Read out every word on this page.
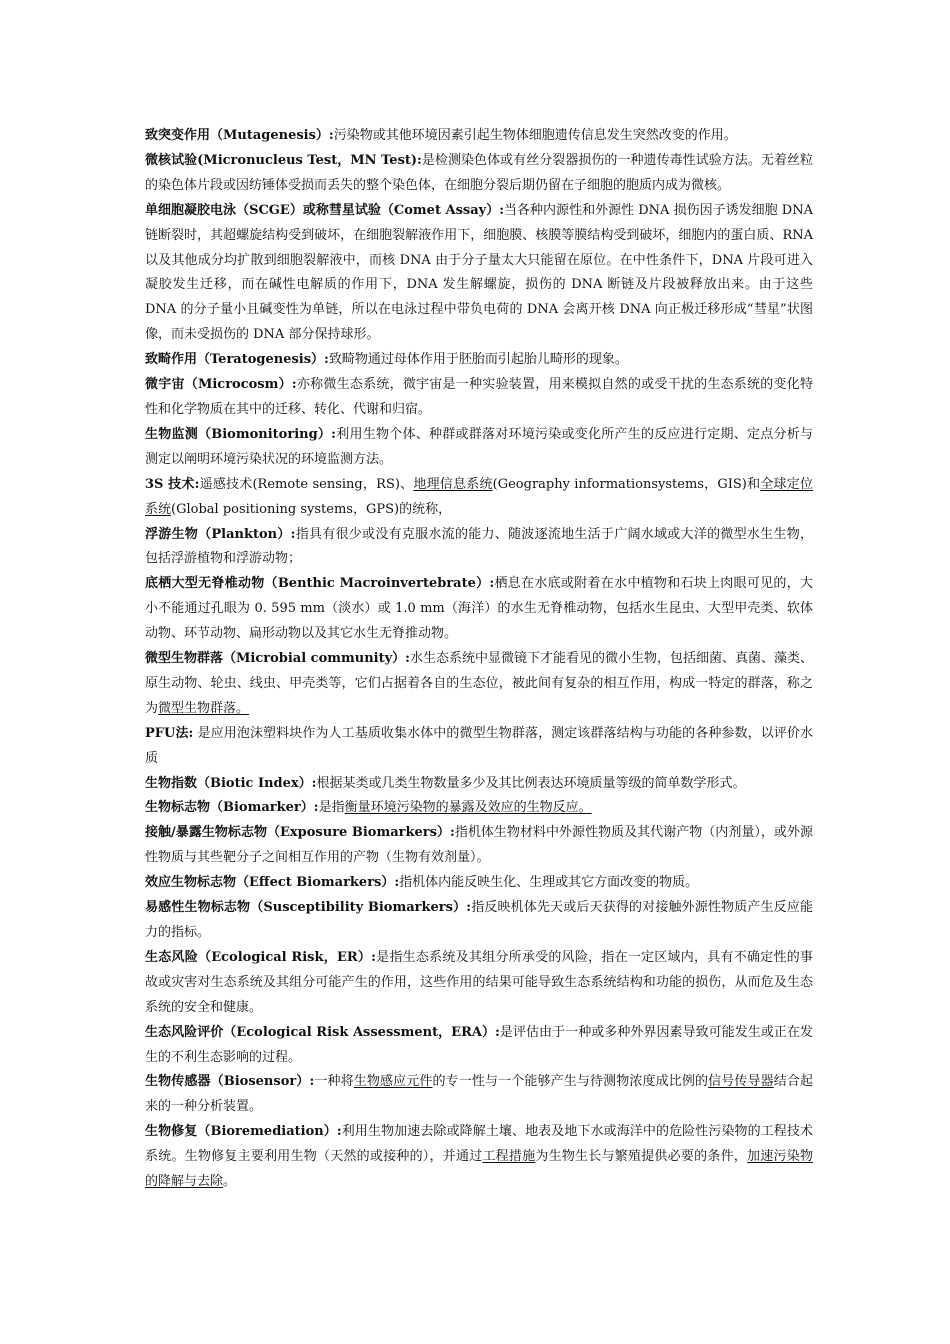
致突变作用（Mutagenesis）:污染物或其他环境因素引起生物体细胞遗传信息发生突然改变的作用。

微核试验(Micronucleus Test，MN Test):是检测染色体或有丝分裂器损伤的一种遗传毒性试验方法。无着丝粒的染色体片段或因纺锤体受损而丢失的整个染色体，在细胞分裂后期仍留在子细胞的胞质内成为微核。

单细胞凝胶电泳（SCGE）或称彗星试验（Comet Assay）:当各种内源性和外源性 DNA 损伤因子诱发细胞 DNA 链断裂时，其超螺旋结构受到破坏，在细胞裂解液作用下，细胞膜、核膜等膜结构受到破坏，细胞内的蛋白质、RNA 以及其他成分均扩散到细胞裂解液中，而核 DNA 由于分子量太大只能留在原位。在中性条件下，DNA 片段可进入凝胶发生迁移，而在碱性电解质的作用下，DNA 发生解螺旋，损伤的 DNA 断链及片段被释放出来。由于这些 DNA 的分子量小且碱变性为单链，所以在电泳过程中带负电荷的 DNA 会离开核 DNA 向正极迁移形成“彗星”状图像，而未受损伤的 DNA 部分保持球形。

致畸作用（Teratogenesis）:致畸物通过母体作用于胚胎而引起胎儿畸形的现象。

微宇宙（Microcosm）:亦称微生态系统，微宇宙是一种实验装置，用来模拟自然的或受干扰的生态系统的变化特性和化学物质在其中的迁移、转化、代谢和归宿。

生物监测（Biomonitoring）:利用生物个体、种群或群落对环境污染或变化所产生的反应进行定期、定点分析与测定以阐明环境污染状况的环境监测方法。

3S 技术:遥感技术(Remote sensing，RS)、地理信息系统(Geography informationsystems，GIS)和全球定位系统(Global positioning systems，GPS)的统称，

浮游生物（Plankton）:指具有很少或没有克服水流的能力、随波逐流地生活于广阔水域或大洋的微型水生生物，包括浮游植物和浮游动物；

底栖大型无脊椎动物（Benthic Macroinvertebrate）:栖息在水底或附着在水中植物和石块上肉眼可见的，大小不能通过孔眼为 0. 595 mm（淡水）或 1.0 mm（海洋）的水生无脊椎动物，包括水生昆虫、大型甲壳类、软体动物、环节动物、扁形动物以及其它水生无脊推动物。

微型生物群落（Microbial community）:水生态系统中显微镜下才能看见的微小生物，包括细菌、真菌、藻类、原生动物、轮虫、线虫、甲壳类等，它们占据着各自的生态位，被此间有复杂的相互作用，构成一特定的群落，称之为微型生物群落。

PFU法: 是应用泡沫塑料块作为人工基质收集水体中的微型生物群落，测定该群落结构与功能的各种参数，以评价水质

生物指数（Biotic Index）:根据某类或几类生物数量多少及其比例表达环境质量等级的简单数学形式。

生物标志物（Biomarker）:是指衡量环境污染物的暴露及效应的生物反应。

接触/暴露生物标志物（Exposure Biomarkers）:指机体生物材料中外源性物质及其代谢产物（内剂量），或外源性物质与其些靶分子之间相互作用的产物（生物有效剂量）。

效应生物标志物（Effect Biomarkers）:指机体内能反映生化、生理或其它方面改变的物质。

易感性生物标志物（Susceptibility Biomarkers）:指反映机体先天或后天获得的对接触外源性物质产生反应能力的指标。

生态风险（Ecological Risk，ER）:是指生态系统及其组分所承受的风险，指在一定区域内，具有不确定性的事故或灾害对生态系统及其组分可能产生的作用，这些作用的结果可能导致生态系统结构和功能的损伤，从而危及生态系统的安全和健康。

生态风险评价（Ecological Risk Assessment，ERA）:是评估由于一种或多种外界因素导致可能发生或正在发生的不利生态影响的过程。

生物传感器（Biosensor）:一种将生物感应元件的专一性与一个能够产生与待测物浓度成比例的信号传导器结合起来的一种分析装置。

生物修复（Bioremediation）:利用生物加速去除或降解土壤、地表及地下水或海洋中的危险性污染物的工程技术系统。生物修复主要利用生物（天然的或接种的），并通过工程措施为生物生长与繁殖提供必要的条件，加速污染物的降解与去除。
